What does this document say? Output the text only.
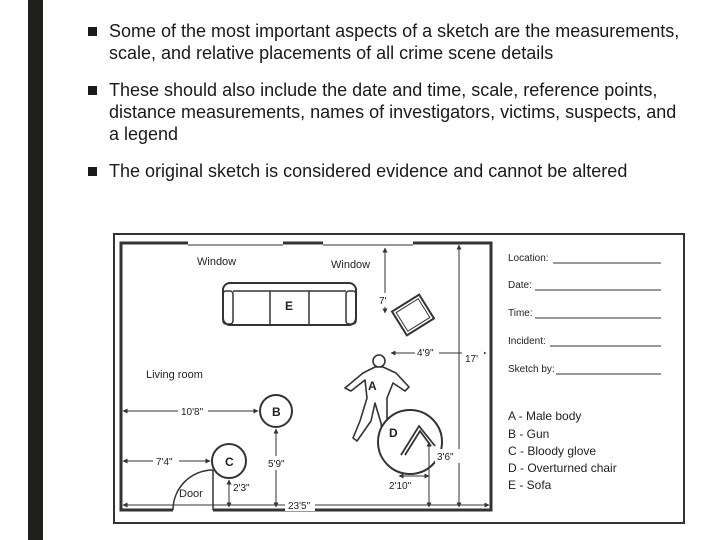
Some of the most important aspects of a sketch are the measurements, scale, and relative placements of all crime scene details
These should also include the date and time, scale, reference points, distance measurements, names of investigators, victims, suspects, and a legend
The original sketch is considered evidence and cannot be altered
Window	Window
E	7'
4'9"
17'
Living room
A
10'8"	B
5'9"
7'4"	C
2'3"
Door
D
3'6"
2'10"
23'5"
Location:
Date:
Time:
Incident:
Sketch by:
A - Male body
B - Gun
C - Bloody glove
D - Overturned chair
E - Sofa
